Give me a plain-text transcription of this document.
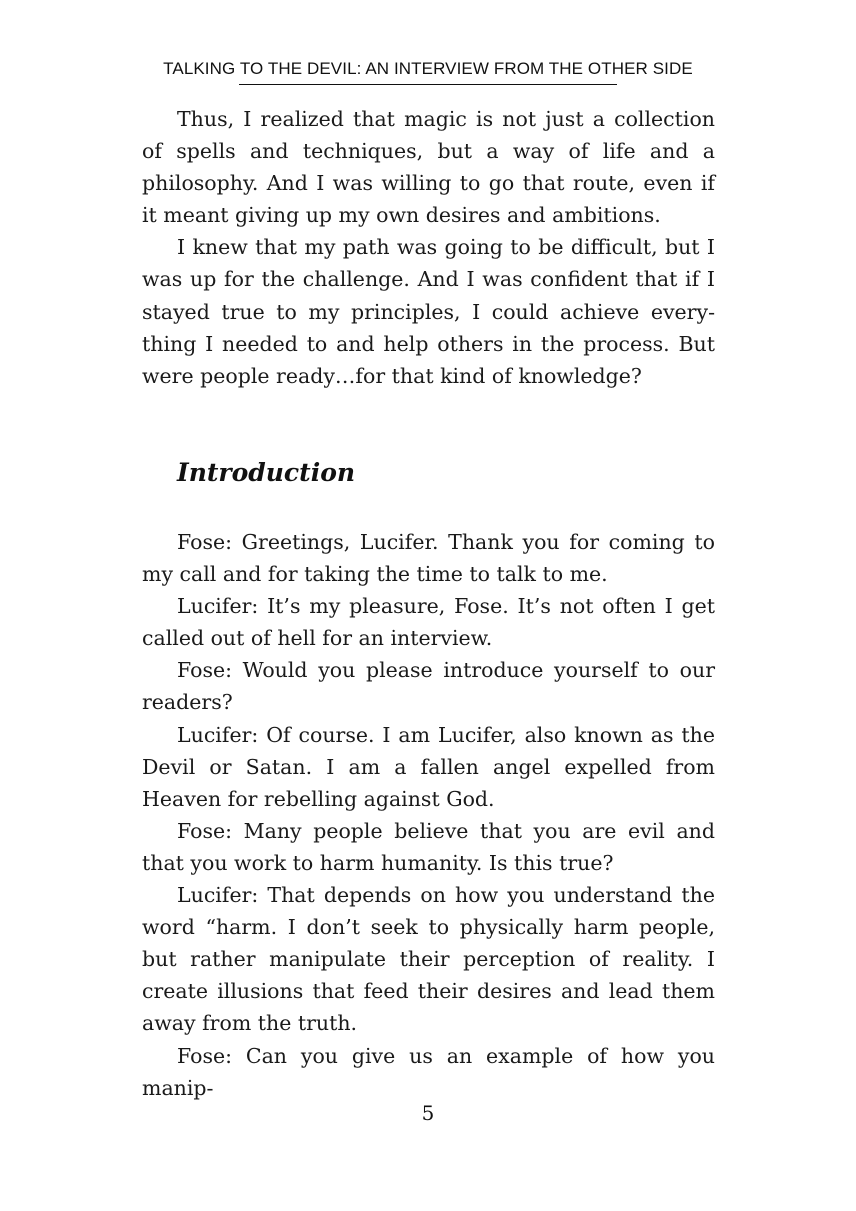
TALKING TO THE DEVIL: AN INTERVIEW FROM THE OTHER SIDE

Thus, I realized that magic is not just a collection of spells and techniques, but a way of life and a philosophy. And I was willing to go that route, even if it meant giving up my own desires and ambitions.

I knew that my path was going to be difficult, but I was up for the challenge. And I was confident that if I stayed true to my principles, I could achieve everything I needed to and help others in the process. But were people ready…for that kind of knowledge?

Introduction

Fose: Greetings, Lucifer. Thank you for coming to my call and for taking the time to talk to me.

Lucifer: It’s my pleasure, Fose. It’s not often I get called out of hell for an interview.

Fose: Would you please introduce yourself to our readers?

Lucifer: Of course. I am Lucifer, also known as the Devil or Satan. I am a fallen angel expelled from Heaven for rebelling against God.

Fose: Many people believe that you are evil and that you work to harm humanity. Is this true?

Lucifer: That depends on how you understand the word “harm. I don’t seek to physically harm people, but rather manipulate their perception of reality. I create illusions that feed their desires and lead them away from the truth.

Fose: Can you give us an example of how you manip-

5
